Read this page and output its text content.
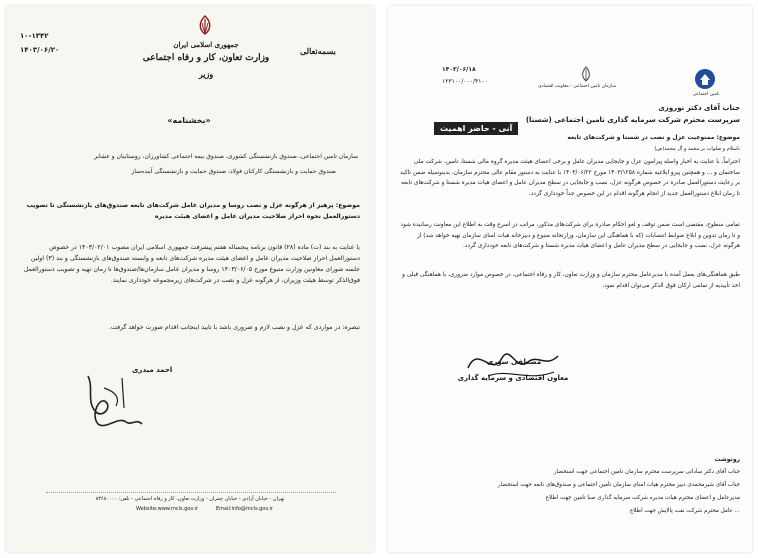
۱۰-۱۳۴۲
۱۴۰۳/۰۶/۲۰
جمهوری اسلامی ایران
وزارت تعاون، کار و رفاه اجتماعی
وزیر
بسمه‌تعالی
«بخشنامه»
سازمان تامین اجتماعی، صندوق بازنشستگی کشوری، صندوق بیمه اجتماعی کشاورزان، روستاییان و عشایر
صندوق حمایت و بازنشستگی کارکنان فولاد، صندوق حمایت و بازنشستگی آینده‌ساز
موضوع: پرهیز از هرگونه عزل و نصب روسا و مدیران عامل شرکت‌های تابعه صندوق‌های بازنشستگی تا تصویب دستورالعمل نحوه احراز صلاحیت مدیران عامل و اعضای هیئت مدیره
با عنایت به بند (ت) ماده (۲۸) قانون برنامه پنجساله هفتم پیشرفت جمهوری اسلامی ایران مصوب ۱۴۰۳/۰۲/۰۱ در خصوص دستورالعمل احراز صلاحیت مدیران عامل و اعضای هیئت مدیره شرکت‌های تابعه و وابسته صندوق‌های بازنشستگی و بند (۳) اولین جلسه شورای معاونین وزارت متبوع مورخ ۱۴۰۳/۰۶/۰۵ روسا و مدیران عامل سازمان‌ها/صندوق‌ها تا زمان تهیه و تصویب دستورالعمل فوق‌الذکر توسط هیئت وزیران، از هرگونه عزل و نصب در شرکت‌های زیرمجموعه خودداری نمایند.
تبصره: در مواردی که عزل و نصب لازم و ضروری باشد با تایید اینجانب اقدام صورت خواهد گرفت.
احمد میدری
تهران - خیابان آزادی - خیابان چمران - وزارت تعاون، کار و رفاه اجتماعی - تلفن: ۸۳۶۸۰۰۰۰
Website:www.mcls.gov.ir	Email:info@mcls.gov.ir
۱۴۰۳/۰۶/۱۸
۱۲۳۱۰۰/۰۰۰/۴۱۰۰
سازمان تامین اجتماعی - معاونت اقتصادی
تامین اجتماعی
جناب آقای دکتر نوروزی
سرپرست محترم شرکت سرمایه گذاری تامین اجتماعی (شستا)
آنی - حاضر اهمیت
موضوع: ممنوعیت عزل و نصب در شستا و شرکت‌های تابعه
باسلام و صلوات بر محمد و آل محمد(ص)
احتراماً، با عنایت به اخبار واصله پیرامون عزل و جابجایی مدیران عامل و برخی اعضای هیئت مدیره گروه مالی شستا، تامین، شرکت ملی ساختمان و ... و همچنین پیرو ابلاغیه شماره ۱۴۰۳/۱۲۵۸ مورخ ۱۴۰۳/۰۶/۲۲ با عنایت به دستور مقام عالی محترم سازمان، بدینوسیله ضمن تاکید بر رعایت دستورالعمل صادره در خصوص هرگونه عزل، نصب و جابجایی در سطح مدیران عامل و اعضای هیات مدیره شستا و شرکت‌های تابعه تا زمان ابلاغ دستورالعمل جدید از انجام هرگونه اقدام در این خصوص جداً خودداری گردد.
تمامی سطوح، مقتضی است ضمن توقف و لغو احکام صادره برای شرکت‌های مذکور، مراتب در اسرع وقت به اطلاع این معاونت رسانیده شود و تا زمان تدوین و ابلاغ ضوابط انتصابات (که با هماهنگی این سازمان، وزارتخانه متبوع و دبیرخانه هیات امنای سازمان تهیه خواهد شد) از هرگونه عزل، نصب و جابجایی در سطح مدیران عامل و اعضای هیات مدیره شستا و شرکت‌های تابعه خودداری گردد.
طبق هماهنگی‌های بعمل آمده با مدیرعامل محترم سازمان و وزارت تعاون، کار و رفاه اجتماعی، در خصوص موارد ضروری، با هماهنگی قبلی و اخذ تأییدیه از تمامی ارکان فوق الذکر می‌توان اقدام نمود.
مصطفی سوری
معاون اقتصادی و سرمایه گذاری
رونوشت
جناب آقای دکتر ساداتی سرپرست محترم سازمان تامین اجتماعی جهت استحضار
جناب آقای شیرمحمدی دبیر محترم هیات امنای سازمان تامین اجتماعی و صندوق‌های تابعه جهت استحضار
مدیرعامل و اعضای محترم هیات مدیره شرکت سرمایه گذاری صبا تامین جهت اطلاع
... عامل محترم شرکت نفت پالایش جهت اطلاع
